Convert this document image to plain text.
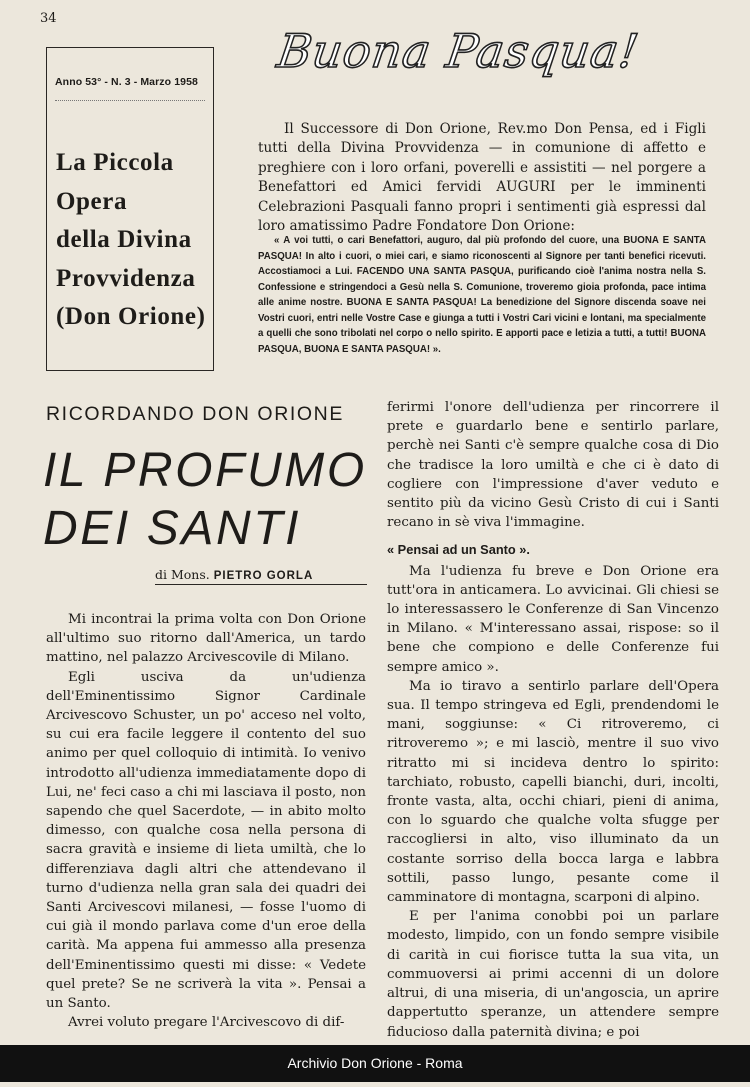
34
Anno 53° - N. 3 - Marzo 1958
La Piccola
Opera
della Divina
Provvidenza
(Don Orione)
Buona Pasqua!
Il Successore di Don Orione, Rev.mo Don Pensa, ed i Figli tutti della Divina Provvidenza — in comunione di affetto e preghiere con i loro orfani, poverelli e assistiti — nel porgere a Benefattori ed Amici fervidi AUGURI per le imminenti Celebrazioni Pasquali fanno propri i sentimenti già espressi dal loro amatissimo Padre Fondatore Don Orione:
« A voi tutti, o cari Benefattori, auguro, dal più profondo del cuore, una BUONA E SANTA PASQUA! In alto i cuori, o miei cari, e siamo riconoscenti al Signore per tanti benefici ricevuti. Accostiamoci a Lui. FACENDO UNA SANTA PASQUA, purificando cioè l'anima nostra nella S. Confessione e stringendoci a Gesù nella S. Comunione, troveremo gioia profonda, pace intima alle anime nostre. BUONA E SANTA PASQUA! La benedizione del Signore discenda soave nei Vostri cuori, entri nelle Vostre Case e giunga a tutti i Vostri Cari vicini e lontani, ma specialmente a quelli che sono tribolati nel corpo o nello spirito. E apporti pace e letizia a tutti, a tutti! BUONA PASQUA, BUONA E SANTA PASQUA! ».
RICORDANDO DON ORIONE
IL PROFUMO
DEI SANTI
di Mons. PIETRO GORLA

Mi incontrai la prima volta con Don Orione all'ultimo suo ritorno dall'America, un tardo mattino, nel palazzo Arcivescovile di Milano.

Egli usciva da un'udienza dell'Eminentissimo Signor Cardinale Arcivescovo Schuster, un po' acceso nel volto, su cui era facile leggere il contento del suo animo per quel colloquio di intimità. Io venivo introdotto all'udienza immediatamente dopo di Lui, ne' feci caso a chi mi lasciava il posto, non sapendo che quel Sacerdote, — in abito molto dimesso, con qualche cosa nella persona di sacra gravità e insieme di lieta umiltà, che lo differenziava dagli altri che attendevano il turno d'udienza nella gran sala dei quadri dei Santi Arcivescovi milanesi, — fosse l'uomo di cui già il mondo parlava come d'un eroe della carità. Ma appena fui ammesso alla presenza dell'Eminentissimo questi mi disse: « Vedete quel prete? Se ne scriverà la vita ». Pensai a un Santo.

Avrei voluto pregare l'Arcivescovo di dif-

ferirmi l'onore dell'udienza per rincorrere il prete e guardarlo bene e sentirlo parlare, perchè nei Santi c'è sempre qualche cosa di Dio che tradisce la loro umiltà e che ci è dato di cogliere con l'impressione d'aver veduto e sentito più da vicino Gesù Cristo di cui i Santi recano in sè viva l'immagine.

« Pensai ad un Santo ».

Ma l'udienza fu breve e Don Orione era tutt'ora in anticamera. Lo avvicinai. Gli chiesi se lo interessassero le Conferenze di San Vincenzo in Milano. « M'interessano assai, rispose: so il bene che compiono e delle Conferenze fui sempre amico ».

Ma io tiravo a sentirlo parlare dell'Opera sua. Il tempo stringeva ed Egli, prendendomi le mani, soggiunse: « Ci ritroveremo, ci ritroveremo »; e mi lasciò, mentre il suo vivo ritratto mi si incideva dentro lo spirito: tarchiato, robusto, capelli bianchi, duri, incolti, fronte vasta, alta, occhi chiari, pieni di anima, con lo sguardo che qualche volta sfugge per raccogliersi in alto, viso illuminato da un costante sorriso della bocca larga e labbra sottili, passo lungo, pesante come il camminatore di montagna, scarponi di alpino.

E per l'anima conobbi poi un parlare modesto, limpido, con un fondo sempre visibile di carità in cui fiorisce tutta la sua vita, un commuoversi ai primi accenni di un dolore altrui, di una miseria, di un'angoscia, un aprire dappertutto speranze, un attendere sempre fiducioso dalla paternità divina; e poi

Archivio Don Orione - Roma
